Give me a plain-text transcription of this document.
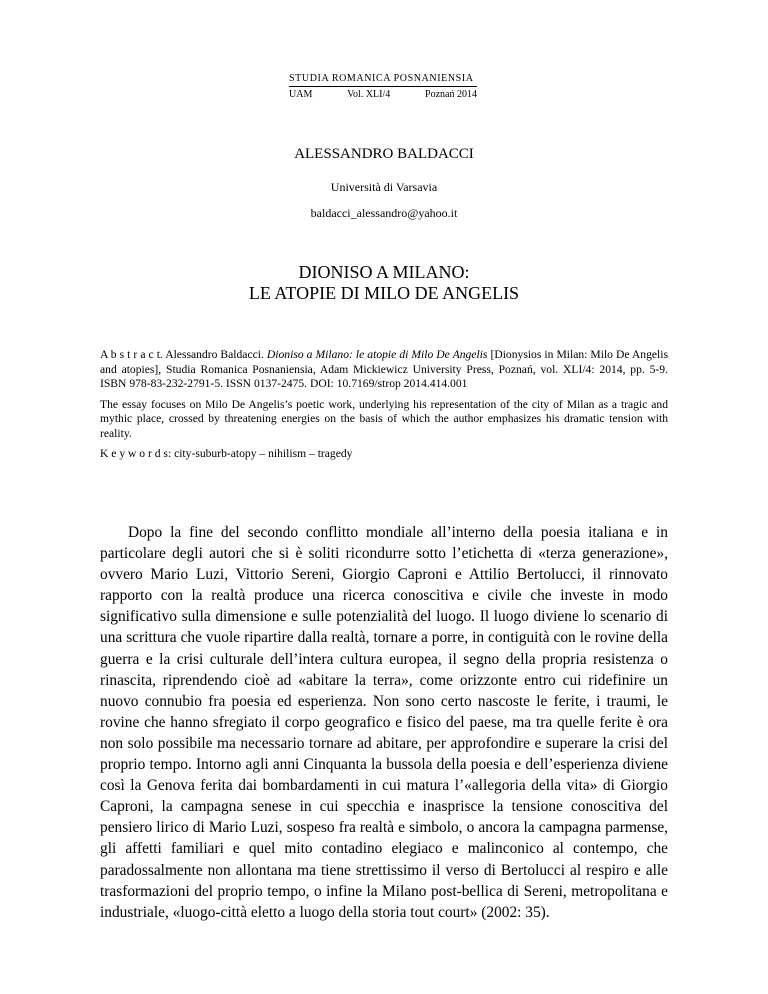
STUDIA ROMANICA POSNANIENSIA
UAM	Vol. XLI/4	Poznań 2014
ALESSANDRO BALDACCI
Università di Varsavia
baldacci_alessandro@yahoo.it
DIONISO A MILANO:
LE ATOPIE DI MILO DE ANGELIS

A b s t r a c t. Alessandro Baldacci. Dioniso a Milano: le atopie di Milo De Angelis [Dionysios in Milan: Milo De Angelis and atopies], Studia Romanica Posnaniensia, Adam Mickiewicz University Press, Poznań, vol. XLI/4: 2014, pp. 5-9. ISBN 978-83-232-2791-5. ISSN 0137-2475. DOI: 10.7169/strop 2014.414.001

The essay focuses on Milo De Angelis’s poetic work, underlying his representation of the city of Milan as a tragic and mythic place, crossed by threatening energies on the basis of which the author emphasizes his dramatic tension with reality.

K e y w o r d s: city-suburb-atopy – nihilism – tragedy

Dopo la fine del secondo conflitto mondiale all’interno della poesia italiana e in particolare degli autori che si è soliti ricondurre sotto l’etichetta di «terza generazione», ovvero Mario Luzi, Vittorio Sereni, Giorgio Caproni e Attilio Bertolucci, il rinnovato rapporto con la realtà produce una ricerca conoscitiva e civile che investe in modo significativo sulla dimensione e sulle potenzialità del luogo. Il luogo diviene lo scenario di una scrittura che vuole ripartire dalla realtà, tornare a porre, in contiguità con le rovine della guerra e la crisi culturale dell’intera cultura europea, il segno della propria resistenza o rinascita, riprendendo cioè ad «abitare la terra», come orizzonte entro cui ridefinire un nuovo connubio fra poesia ed esperienza. Non sono certo nascoste le ferite, i traumi, le rovine che hanno sfregiato il corpo geografico e fisico del paese, ma tra quelle ferite è ora non solo possibile ma necessario tornare ad abitare, per approfondire e superare la crisi del proprio tempo. Intorno agli anni Cinquanta la bussola della poesia e dell’esperienza diviene così la Genova ferita dai bombardamenti in cui matura l’«allegoria della vita» di Giorgio Caproni, la campagna senese in cui specchia e inasprisce la tensione conoscitiva del pensiero lirico di Mario Luzi, sospeso fra realtà e simbolo, o ancora la campagna parmense, gli affetti familiari e quel mito contadino elegiaco e malinconico al contempo, che paradossalmente non allontana ma tiene strettissimo il verso di Bertolucci al respiro e alle trasformazioni del proprio tempo, o infine la Milano post-bellica di Sereni, metropolitana e industriale, «luogo-città eletto a luogo della storia tout court» (2002: 35).
